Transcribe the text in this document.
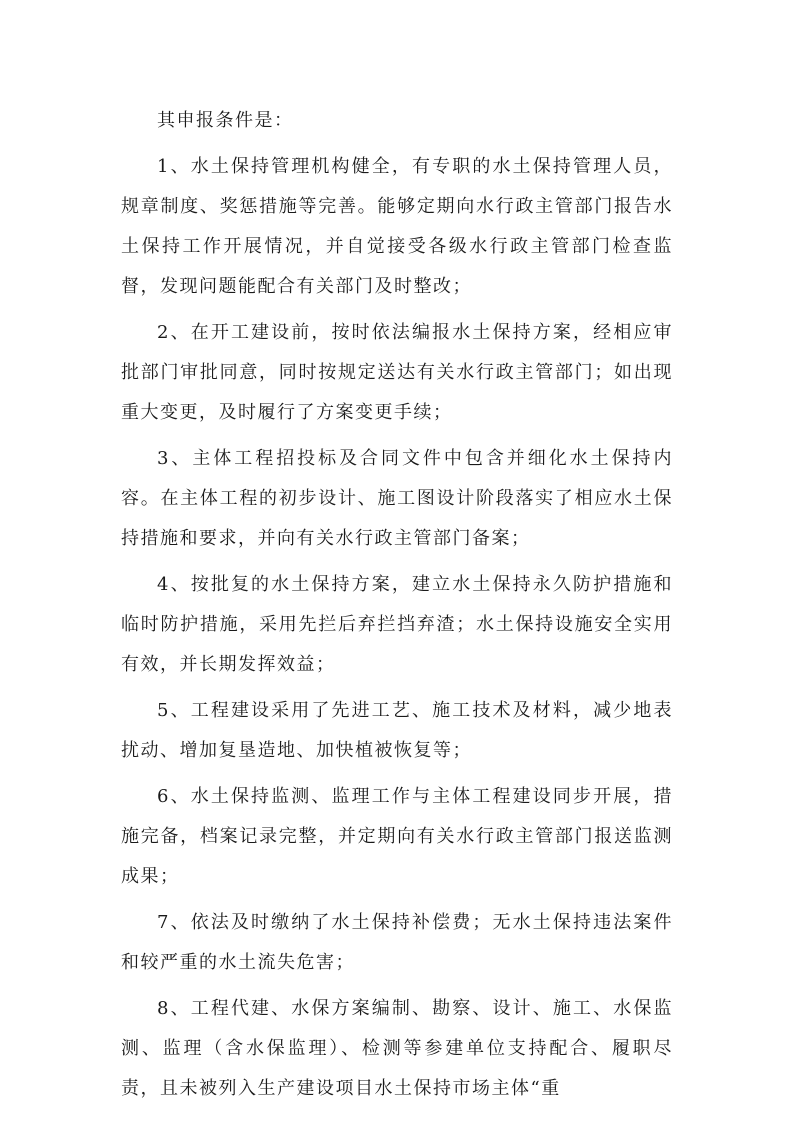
其申报条件是：

1、水土保持管理机构健全，有专职的水土保持管理人员，规章制度、奖惩措施等完善。能够定期向水行政主管部门报告水土保持工作开展情况，并自觉接受各级水行政主管部门检查监督，发现问题能配合有关部门及时整改；

2、在开工建设前，按时依法编报水土保持方案，经相应审批部门审批同意，同时按规定送达有关水行政主管部门；如出现重大变更，及时履行了方案变更手续；

3、主体工程招投标及合同文件中包含并细化水土保持内容。在主体工程的初步设计、施工图设计阶段落实了相应水土保持措施和要求，并向有关水行政主管部门备案；

4、按批复的水土保持方案，建立水土保持永久防护措施和临时防护措施，采用先拦后弃拦挡弃渣；水土保持设施安全实用有效，并长期发挥效益；

5、工程建设采用了先进工艺、施工技术及材料，减少地表扰动、增加复垦造地、加快植被恢复等；

6、水土保持监测、监理工作与主体工程建设同步开展，措施完备，档案记录完整，并定期向有关水行政主管部门报送监测成果；

7、依法及时缴纳了水土保持补偿费；无水土保持违法案件和较严重的水土流失危害；

8、工程代建、水保方案编制、勘察、设计、施工、水保监测、监理（含水保监理）、检测等参建单位支持配合、履职尽责，且未被列入生产建设项目水土保持市场主体“重
